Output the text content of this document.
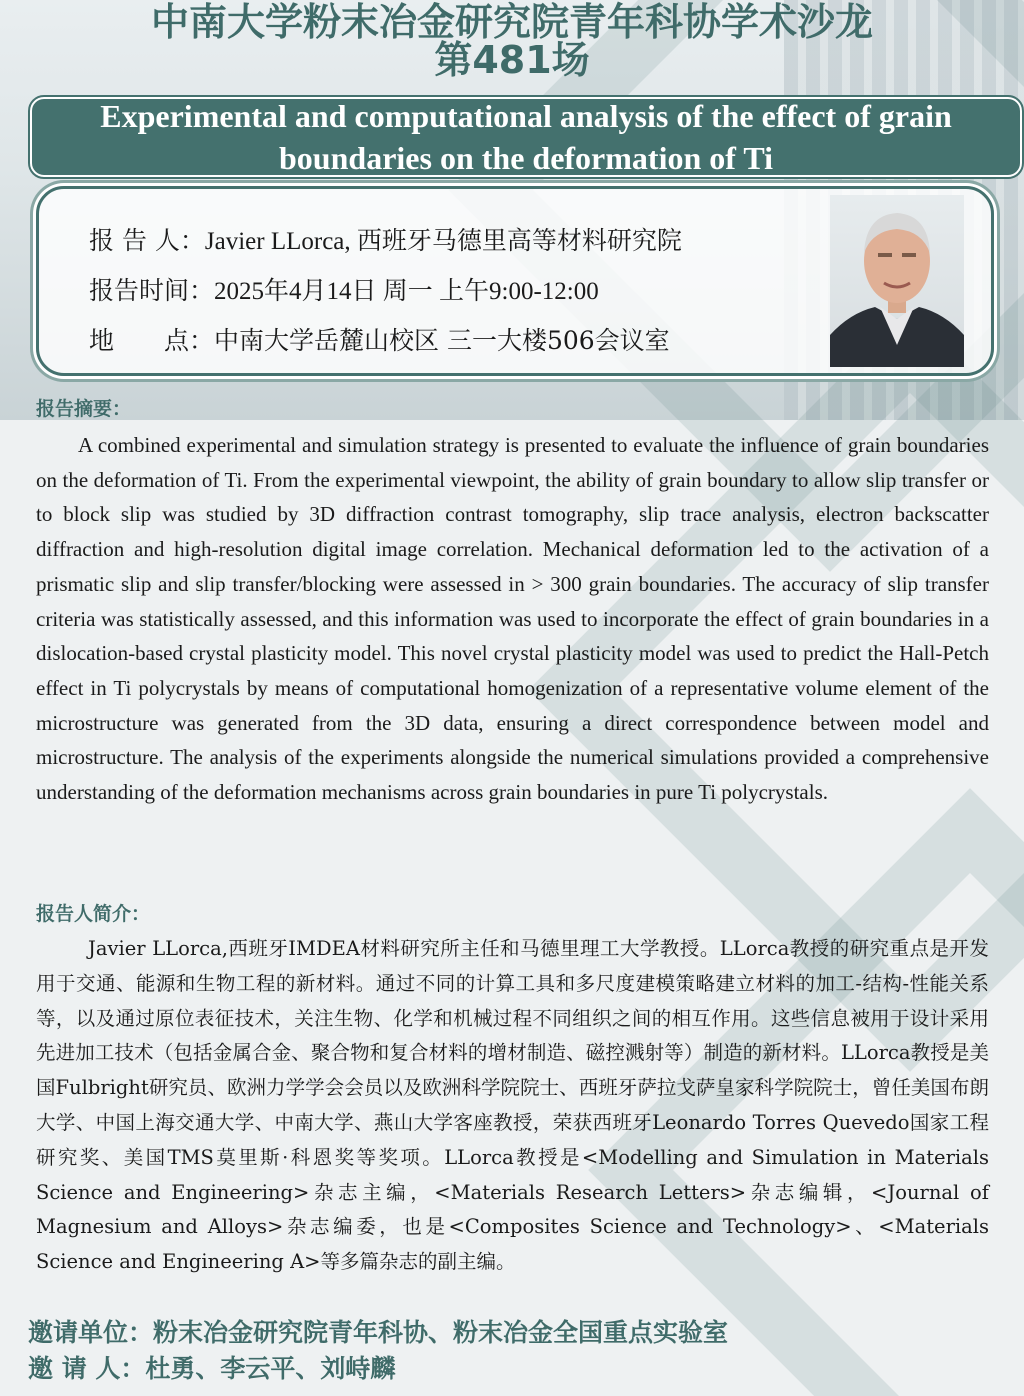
中南大学粉末冶金研究院青年科协学术沙龙
第481场
Experimental and computational analysis of the effect of grain boundaries on the deformation of Ti
报 告 人：Javier LLorca, 西班牙马德里高等材料研究院
报告时间：2025年4月14日 周一 上午9:00-12:00
地　　点：中南大学岳麓山校区 三一大楼506会议室
报告摘要：

A combined experimental and simulation strategy is presented to evaluate the influence of grain boundaries on the deformation of Ti. From the experimental viewpoint, the ability of grain boundary to allow slip transfer or to block slip was studied by 3D diffraction contrast tomography, slip trace analysis, electron backscatter diffraction and high-resolution digital image correlation. Mechanical deformation led to the activation of a prismatic slip and slip transfer/blocking were assessed in > 300 grain boundaries. The accuracy of slip transfer criteria was statistically assessed, and this information was used to incorporate the effect of grain boundaries in a dislocation-based crystal plasticity model. This novel crystal plasticity model was used to predict the Hall-Petch effect in Ti polycrystals by means of computational homogenization of a representative volume element of the microstructure was generated from the 3D data, ensuring a direct correspondence between model and microstructure. The analysis of the experiments alongside the numerical simulations provided a comprehensive understanding of the deformation mechanisms across grain boundaries in pure Ti polycrystals.

报告人简介：

Javier LLorca,西班牙IMDEA材料研究所主任和马德里理工大学教授。LLorca教授的研究重点是开发用于交通、能源和生物工程的新材料。通过不同的计算工具和多尺度建模策略建立材料的加工-结构-性能关系等，以及通过原位表征技术，关注生物、化学和机械过程不同组织之间的相互作用。这些信息被用于设计采用先进加工技术（包括金属合金、聚合物和复合材料的增材制造、磁控溅射等）制造的新材料。LLorca教授是美国Fulbright研究员、欧洲力学学会会员以及欧洲科学院院士、西班牙萨拉戈萨皇家科学院院士，曾任美国布朗大学、中国上海交通大学、中南大学、燕山大学客座教授，荣获西班牙Leonardo Torres Quevedo国家工程研究奖、美国TMS莫里斯·科恩奖等奖项。LLorca教授是<Modelling and Simulation in Materials Science and Engineering>杂志主编，<Materials Research Letters>杂志编辑，<Journal of Magnesium and Alloys>杂志编委，也是<Composites Science and Technology>、<Materials Science and Engineering A>等多篇杂志的副主编。

邀请单位：粉末冶金研究院青年科协、粉末冶金全国重点实验室

邀 请 人：杜勇、李云平、刘峙麟
